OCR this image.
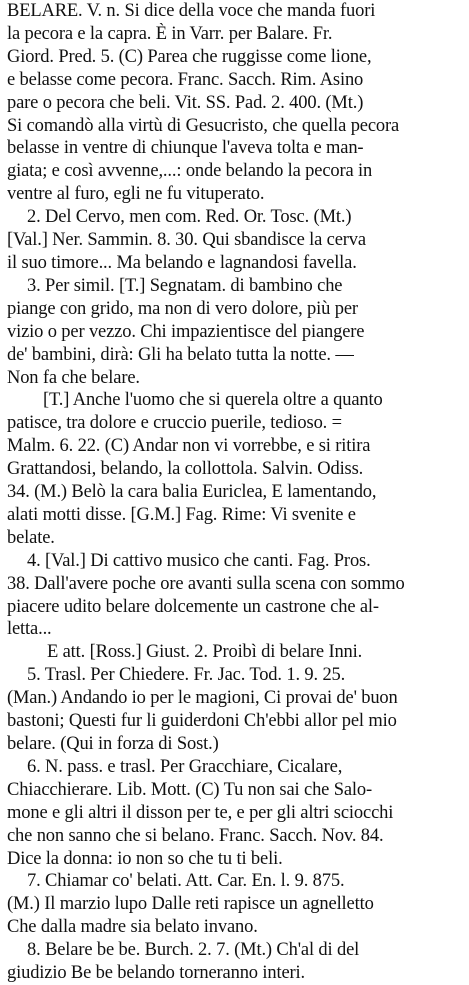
BELARE. V. n. Si dice della voce che manda fuori
la pecora e la capra. È in Varr. per Balare. Fr.
Giord. Pred. 5. (C) Parea che ruggisse come lione,
e belasse come pecora. Franc. Sacch. Rim. Asino
pare o pecora che beli. Vit. SS. Pad. 2. 400. (Mt.)
Si comandò alla virtù di Gesucristo, che quella pecora
belasse in ventre di chiunque l'aveva tolta e man-
giata; e così avvenne,...: onde belando la pecora in
ventre al furo, egli ne fu vituperato.
2. Del Cervo, men com. Red. Or. Tosc. (Mt.)
[Val.] Ner. Sammin. 8. 30. Qui sbandisce la cerva
il suo timore... Ma belando e lagnandosi favella.
3. Per simil. [T.] Segnatam. di bambino che
piange con grido, ma non di vero dolore, più per
vizio o per vezzo. Chi impazientisce del piangere
de' bambini, dirà: Gli ha belato tutta la notte. —
Non fa che belare.
[T.] Anche l'uomo che si querela oltre a quanto
patisce, tra dolore e cruccio puerile, tedioso. =
Malm. 6. 22. (C) Andar non vi vorrebbe, e si ritira
Grattandosi, belando, la collottola. Salvin. Odiss.
34. (M.) Belò la cara balia Euriclea, E lamentando,
alati motti disse. [G.M.] Fag. Rime: Vi svenite e
belate.
4. [Val.] Di cattivo musico che canti. Fag. Pros.
38. Dall'avere poche ore avanti sulla scena con sommo
piacere udito belare dolcemente un castrone che al-
letta...
E att. [Ross.] Giust. 2. Proibì di belare Inni.
5. Trasl. Per Chiedere. Fr. Jac. Tod. 1. 9. 25.
(Man.) Andando io per le magioni, Ci provai de' buon
bastoni; Questi fur li guiderdoni Ch'ebbi allor pel mio
belare. (Qui in forza di Sost.)
6. N. pass. e trasl. Per Gracchiare, Cicalare,
Chiacchierare. Lib. Mott. (C) Tu non sai che Salo-
mone e gli altri il disson per te, e per gli altri sciocchi
che non sanno che si belano. Franc. Sacch. Nov. 84.
Dice la donna: io non so che tu ti beli.
7. Chiamar co' belati. Att. Car. En. l. 9. 875.
(M.) Il marzio lupo Dalle reti rapisce un agnelletto
Che dalla madre sia belato invano.
8. Belare be be. Burch. 2. 7. (Mt.) Ch'al di del
giudizio Be be belando torneranno interi.
